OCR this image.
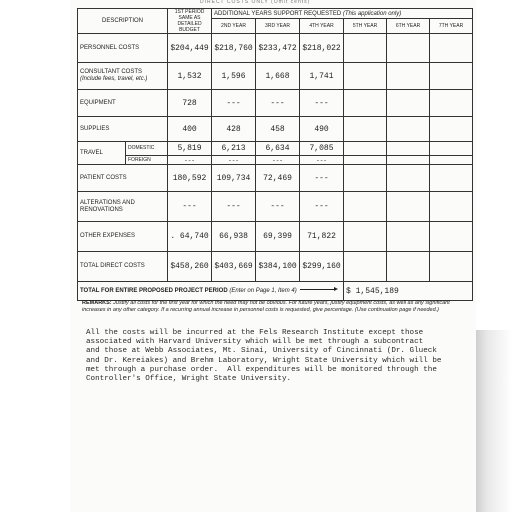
DIRECT COSTS ONLY (Omit cents)
DESCRIPTION		1ST PERIOD SAME AS DETAILED BUDGET	ADDITIONAL YEARS SUPPORT REQUESTED (This application only)					
			2ND YEAR	3RD YEAR	4TH YEAR	5TH YEAR	6TH YEAR	7TH YEAR
PERSONNEL COSTS		$204,449	$218,760	$233,472	$218,022			
CONSULTANT COSTS
(Include fees, travel, etc.)		1,532	1,596	1,668	1,741			
EQUIPMENT		728	---	---	---			
SUPPLIES		400	428	458	490			
TRAVEL	DOMESTIC	5,819	6,213	6,634	7,085			
	FOREIGN	---	---	---	---			
PATIENT COSTS		180,592	109,734	72,469	---			
ALTERATIONS AND RENOVATIONS		---	---	---	---			
OTHER EXPENSES		. 64,740	66,938	69,399	71,822			
TOTAL DIRECT COSTS		$458,260	$403,669	$384,100	$299,160			
TOTAL FOR ENTIRE PROPOSED PROJECT PERIOD (Enter on Page 1, Item 4)						$ 1,545,189		
REMARKS: Justify all costs for the first year for which the need may not be obvious. For future years, justify equipment costs, as well as any significant increases in any other category. If a recurring annual increase in personnel costs is requested, give percentage. (Use continuation page if needed.)
All the costs will be incurred at the Fels Research Institute except those
associated with Harvard University which will be met through a subcontract
and those at Webb Associates, Mt. Sinai, University of Cincinnati (Dr. Glueck
and Dr. Kereiakes) and Brehm Laboratory, Wright State University which will be
met through a purchase order.  All expenditures will be monitored through the
Controller's Office, Wright State University.
